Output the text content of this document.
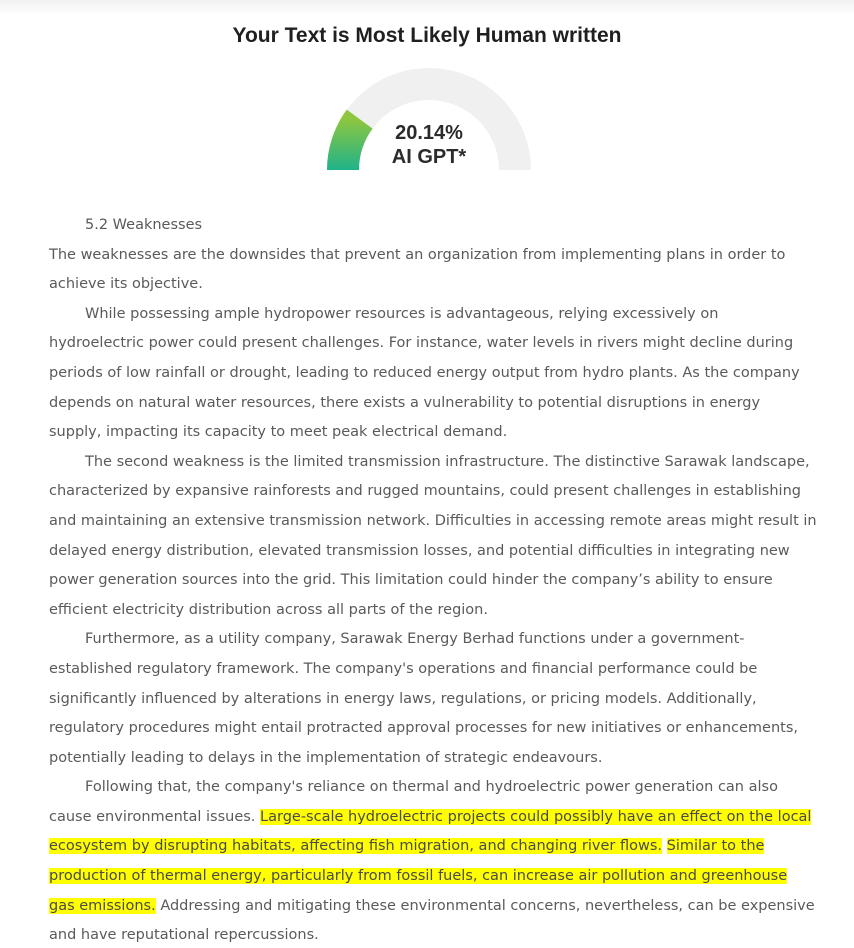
Your Text is Most Likely Human written
20.14%
AI GPT*

5.2 Weaknesses

The weaknesses are the downsides that prevent an organization from implementing plans in order to achieve its objective.

While possessing ample hydropower resources is advantageous, relying excessively on hydroelectric power could present challenges. For instance, water levels in rivers might decline during periods of low rainfall or drought, leading to reduced energy output from hydro plants. As the company depends on natural water resources, there exists a vulnerability to potential disruptions in energy supply, impacting its capacity to meet peak electrical demand.

The second weakness is the limited transmission infrastructure. The distinctive Sarawak landscape, characterized by expansive rainforests and rugged mountains, could present challenges in establishing and maintaining an extensive transmission network. Difficulties in accessing remote areas might result in delayed energy distribution, elevated transmission losses, and potential difficulties in integrating new power generation sources into the grid. This limitation could hinder the company’s ability to ensure efficient electricity distribution across all parts of the region.

Furthermore, as a utility company, Sarawak Energy Berhad functions under a government-established regulatory framework. The company's operations and financial performance could be significantly influenced by alterations in energy laws, regulations, or pricing models. Additionally, regulatory procedures might entail protracted approval processes for new initiatives or enhancements, potentially leading to delays in the implementation of strategic endeavours.

Following that, the company's reliance on thermal and hydroelectric power generation can also cause environmental issues. Large-scale hydroelectric projects could possibly have an effect on the local ecosystem by disrupting habitats, affecting fish migration, and changing river flows. Similar to the production of thermal energy, particularly from fossil fuels, can increase air pollution and greenhouse gas emissions. Addressing and mitigating these environmental concerns, nevertheless, can be expensive and have reputational repercussions.
